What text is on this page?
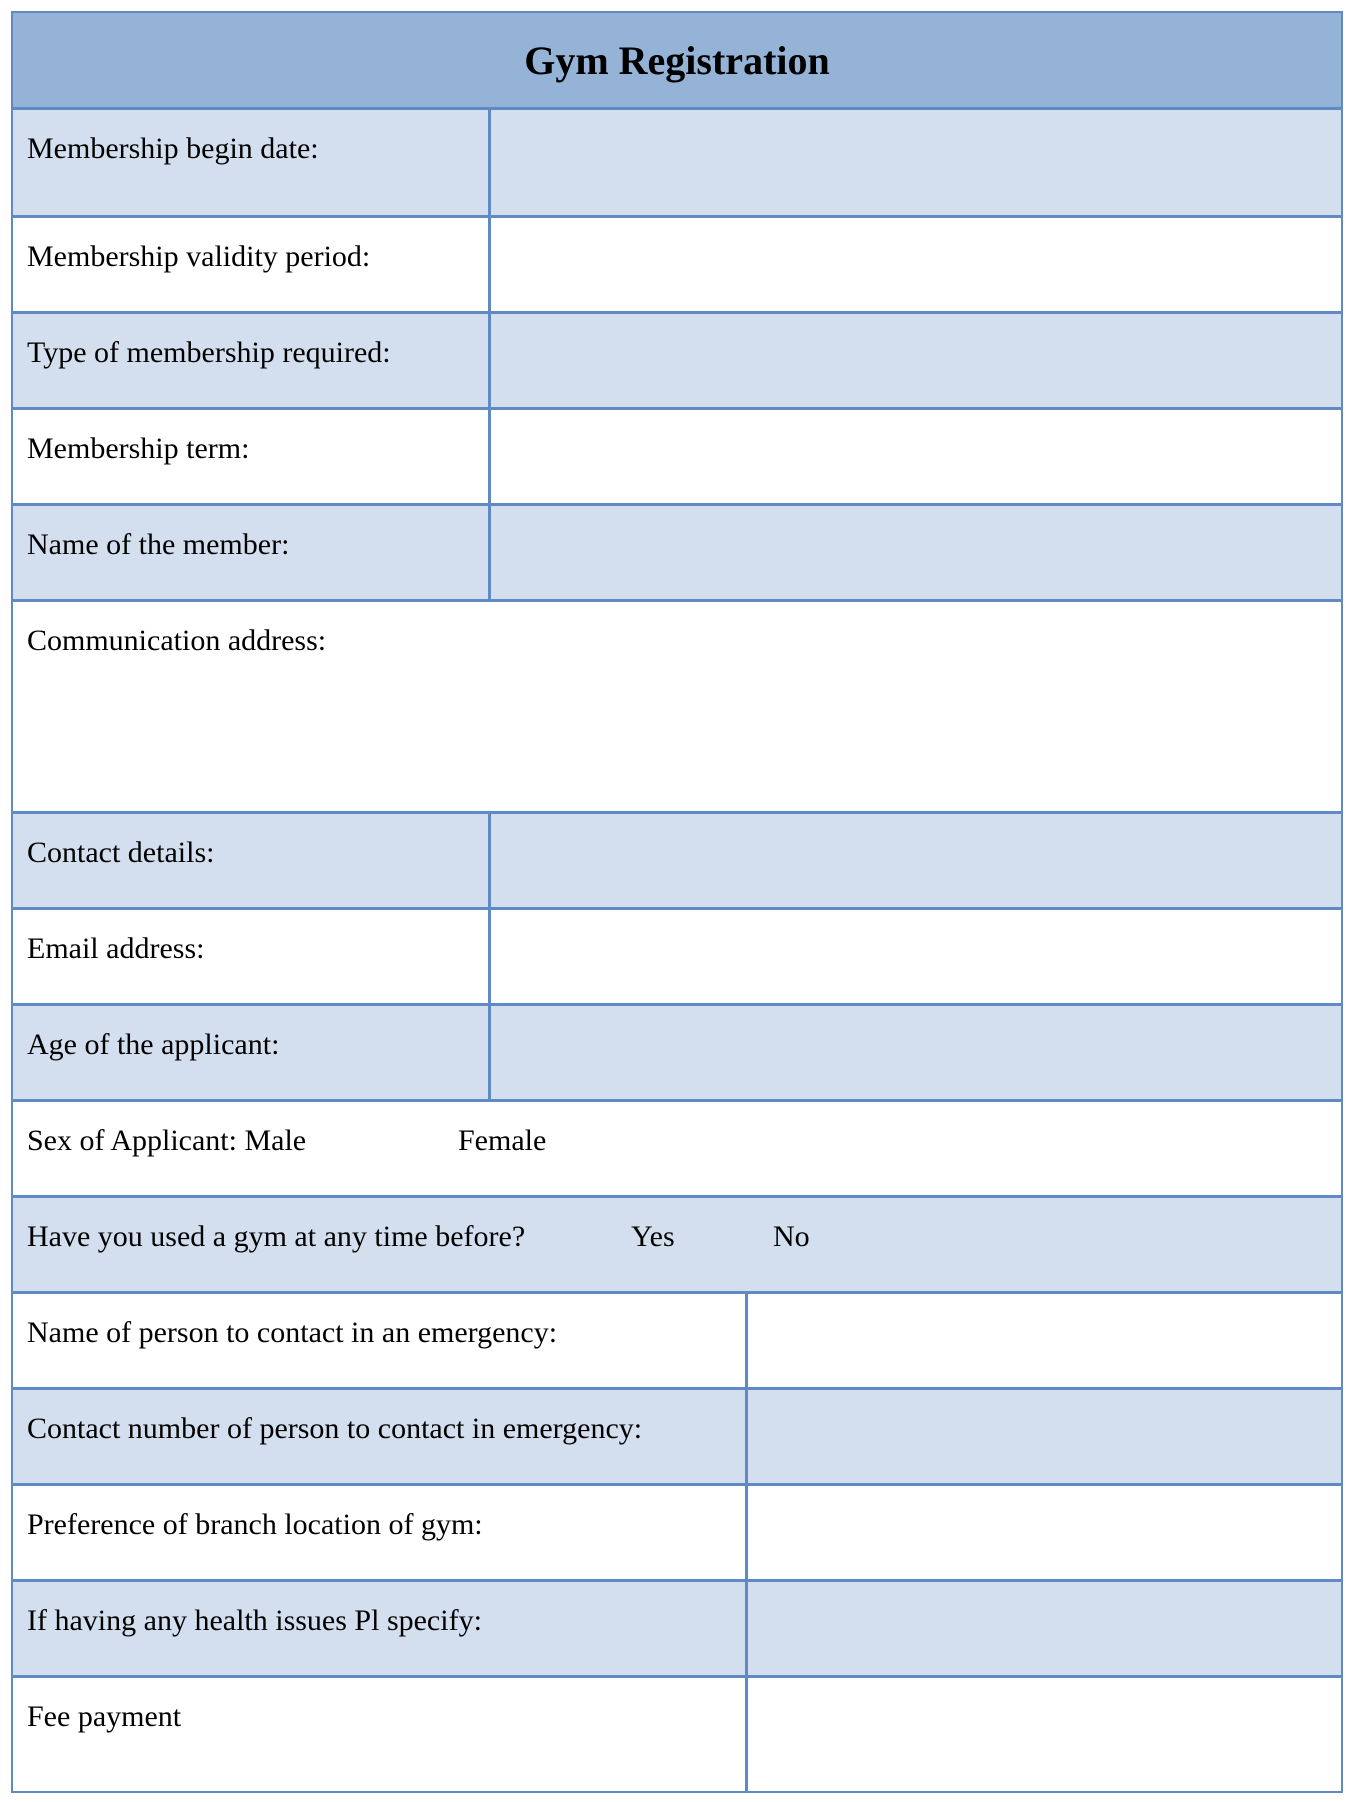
Gym Registration
Membership begin date:
Membership validity period:
Type of membership required:
Membership term:
Name of the member:
Communication address:
Contact details:
Email address:
Age of the applicant:
Sex of Applicant: Male	Female
Have you used a gym at any time before?	Yes	No
Name of person to contact in an emergency:
Contact number of person to contact in emergency:
Preference of branch location of gym:
If having any health issues Pl specify:
Fee payment
